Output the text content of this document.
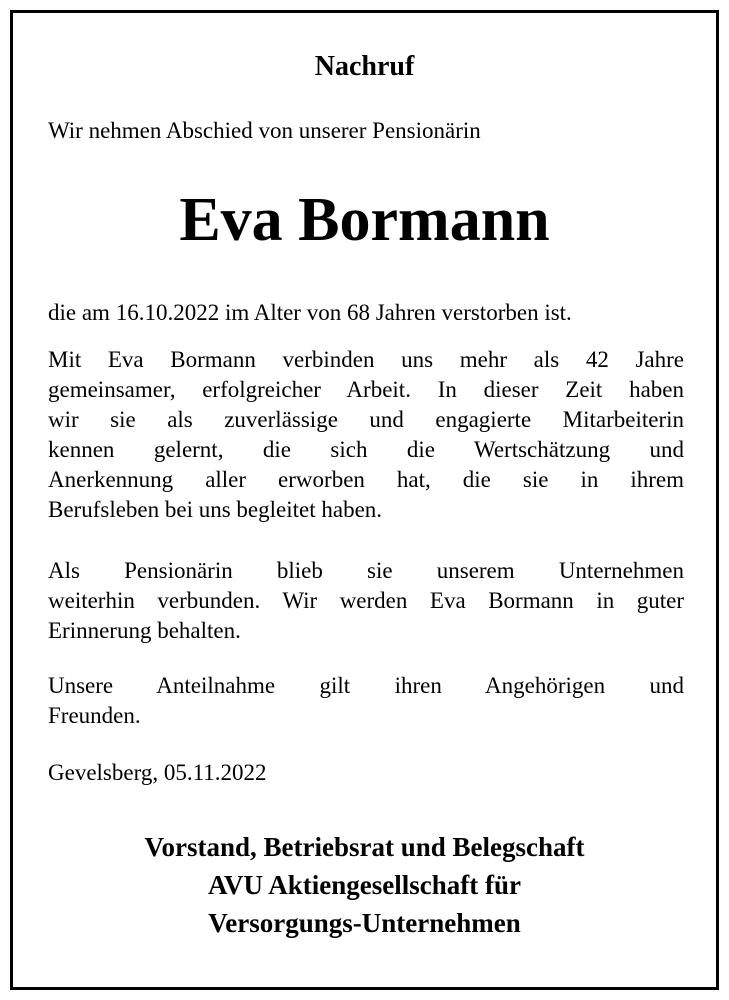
Nachruf
Wir nehmen Abschied von unserer Pensionärin
Eva Bormann
die am 16.10.2022 im Alter von 68 Jahren verstorben ist.
Mit Eva Bormann verbinden uns mehr als 42 Jahre
gemeinsamer, erfolgreicher Arbeit. In dieser Zeit haben
wir sie als zuverlässige und engagierte Mitarbeiterin
kennen gelernt, die sich die Wertschätzung und
Anerkennung aller erworben hat, die sie in ihrem
Berufsleben bei uns begleitet haben.
Als Pensionärin blieb sie unserem Unternehmen
weiterhin verbunden. Wir werden Eva Bormann in guter
Erinnerung behalten.
Unsere Anteilnahme gilt ihren Angehörigen und
Freunden.
Gevelsberg, 05.11.2022
Vorstand, Betriebsrat und Belegschaft
AVU Aktiengesellschaft für
Versorgungs-Unternehmen
